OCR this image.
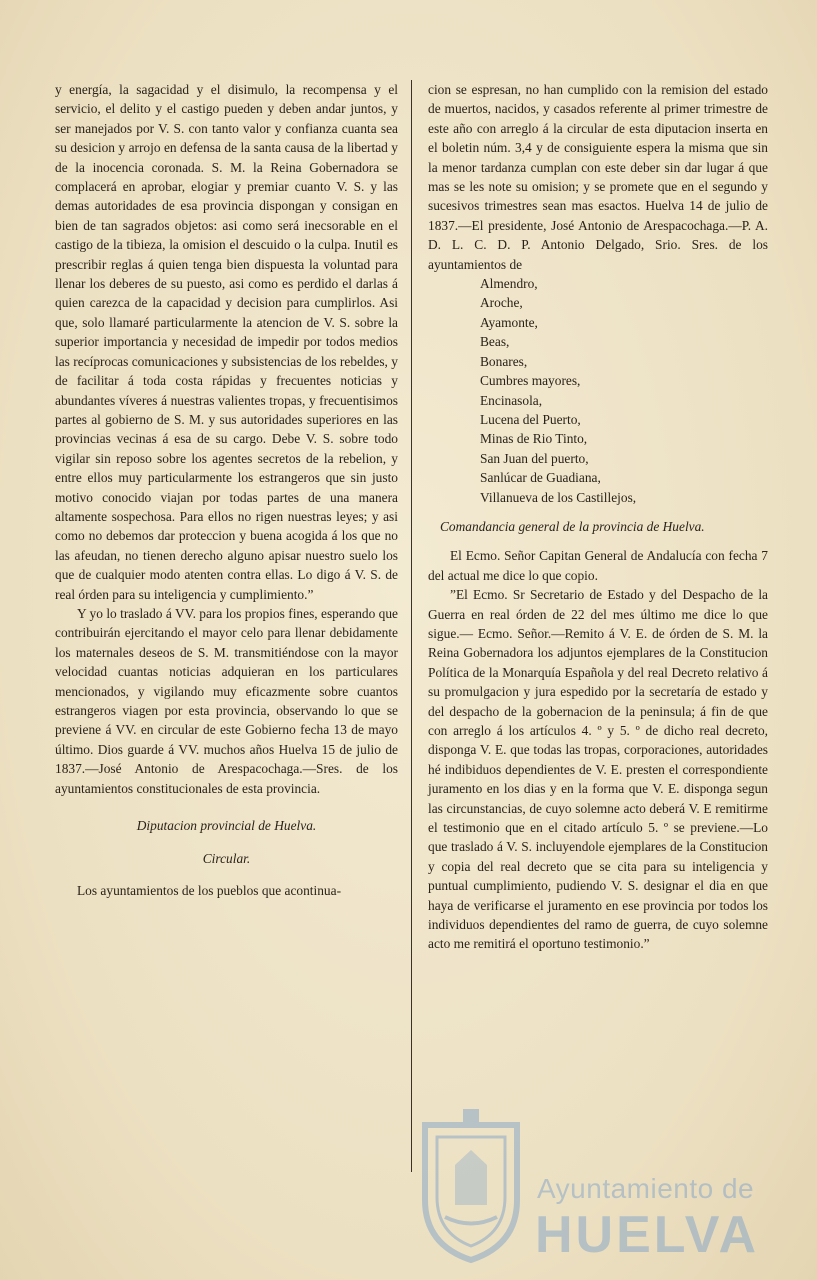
y energía, la sagacidad y el disimulo, la recompensa y el servicio, el delito y el castigo pueden y deben andar juntos, y ser manejados por V. S. con tanto valor y confianza cuanta sea su desicion y arrojo en defensa de la santa causa de la libertad y de la inocencia coronada. S. M. la Reina Gobernadora se complacerá en aprobar, elogiar y premiar cuanto V. S. y las demas autoridades de esa provincia dispongan y consigan en bien de tan sagrados objetos: asi como será inecsorable en el castigo de la tibieza, la omision el descuido o la culpa. Inutil es prescribir reglas á quien tenga bien dispuesta la voluntad para llenar los deberes de su puesto, asi como es perdido el darlas á quien carezca de la capacidad y decision para cumplirlos. Asi que, solo llamaré particularmente la atencion de V. S. sobre la superior importancia y necesidad de impedir por todos medios las recíprocas comunicaciones y subsistencias de los rebeldes, y de facilitar á toda costa rápidas y frecuentes noticias y abundantes víveres á nuestras valientes tropas, y frecuentisimos partes al gobierno de S. M. y sus autoridades superiores en las provincias vecinas á esa de su cargo. Debe V. S. sobre todo vigilar sin reposo sobre los agentes secretos de la rebelion, y entre ellos muy particularmente los estrangeros que sin justo motivo conocido viajan por todas partes de una manera altamente sospechosa. Para ellos no rigen nuestras leyes; y asi como no debemos dar proteccion y buena acogida á los que no las afeudan, no tienen derecho alguno apisar nuestro suelo los que de cualquier modo atenten contra ellas. Lo digo á V. S. de real órden para su inteligencia y cumplimiento.”

Y yo lo traslado á VV. para los propios fines, esperando que contribuirán ejercitando el mayor celo para llenar debidamente los maternales deseos de S. M. transmitiéndose con la mayor velocidad cuantas noticias adquieran en los particulares mencionados, y vigilando muy eficazmente sobre cuantos estrangeros viagen por esta provincia, observando lo que se previene á VV. en circular de este Gobierno fecha 13 de mayo último. Dios guarde á VV. muchos años Huelva 15 de julio de 1837.—José Antonio de Arespacochaga.—Sres. de los ayuntamientos constitucionales de esta provincia.

Diputacion provincial de Huelva.

Circular.

Los ayuntamientos de los pueblos que acontinua-

cion se espresan, no han cumplido con la remision del estado de muertos, nacidos, y casados referente al primer trimestre de este año con arreglo á la circular de esta diputacion inserta en el boletin núm. 3,4 y de consiguiente espera la misma que sin la menor tardanza cumplan con este deber sin dar lugar á que mas se les note su omision; y se promete que en el segundo y sucesivos trimestres sean mas esactos. Huelva 14 de julio de 1837.—El presidente, José Antonio de Arespacochaga.—P. A. D. L. C. D. P. Antonio Delgado, Srio. Sres. de los ayuntamientos de

Almendro,
Aroche,
Ayamonte,
Beas,
Bonares,
Cumbres mayores,
Encinasola,
Lucena del Puerto,
Minas de Rio Tinto,
San Juan del puerto,
Sanlúcar de Guadiana,
Villanueva de los Castillejos,

Comandancia general de la provincia de Huelva.

El Ecmo. Señor Capitan General de Andalucía con fecha 7 del actual me dice lo que copio.

”El Ecmo. Sr Secretario de Estado y del Despacho de la Guerra en real órden de 22 del mes último me dice lo que sigue.— Ecmo. Señor.—Remito á V. E. de órden de S. M. la Reina Gobernadora los adjuntos ejemplares de la Constitucion Política de la Monarquía Española y del real Decreto relativo á su promulgacion y jura espedido por la secretaría de estado y del despacho de la gobernacion de la peninsula; á fin de que con arreglo á los artículos 4. º y 5. º de dicho real decreto, disponga V. E. que todas las tropas, corporaciones, autoridades hé indibiduos dependientes de V. E. presten el correspondiente juramento en los dias y en la forma que V. E. disponga segun las circunstancias, de cuyo solemne acto deberá V. E remitirme el testimonio que en el citado artículo 5. º se previene.—Lo que traslado á V. S. incluyendole ejemplares de la Constitucion y copia del real decreto que se cita para su inteligencia y puntual cumplimiento, pudiendo V. S. designar el dia en que haya de verificarse el juramento en ese provincia por todos los individuos dependientes del ramo de guerra, de cuyo solemne acto me remitirá el oportuno testimonio.”

Ayuntamiento de
HUELVA
